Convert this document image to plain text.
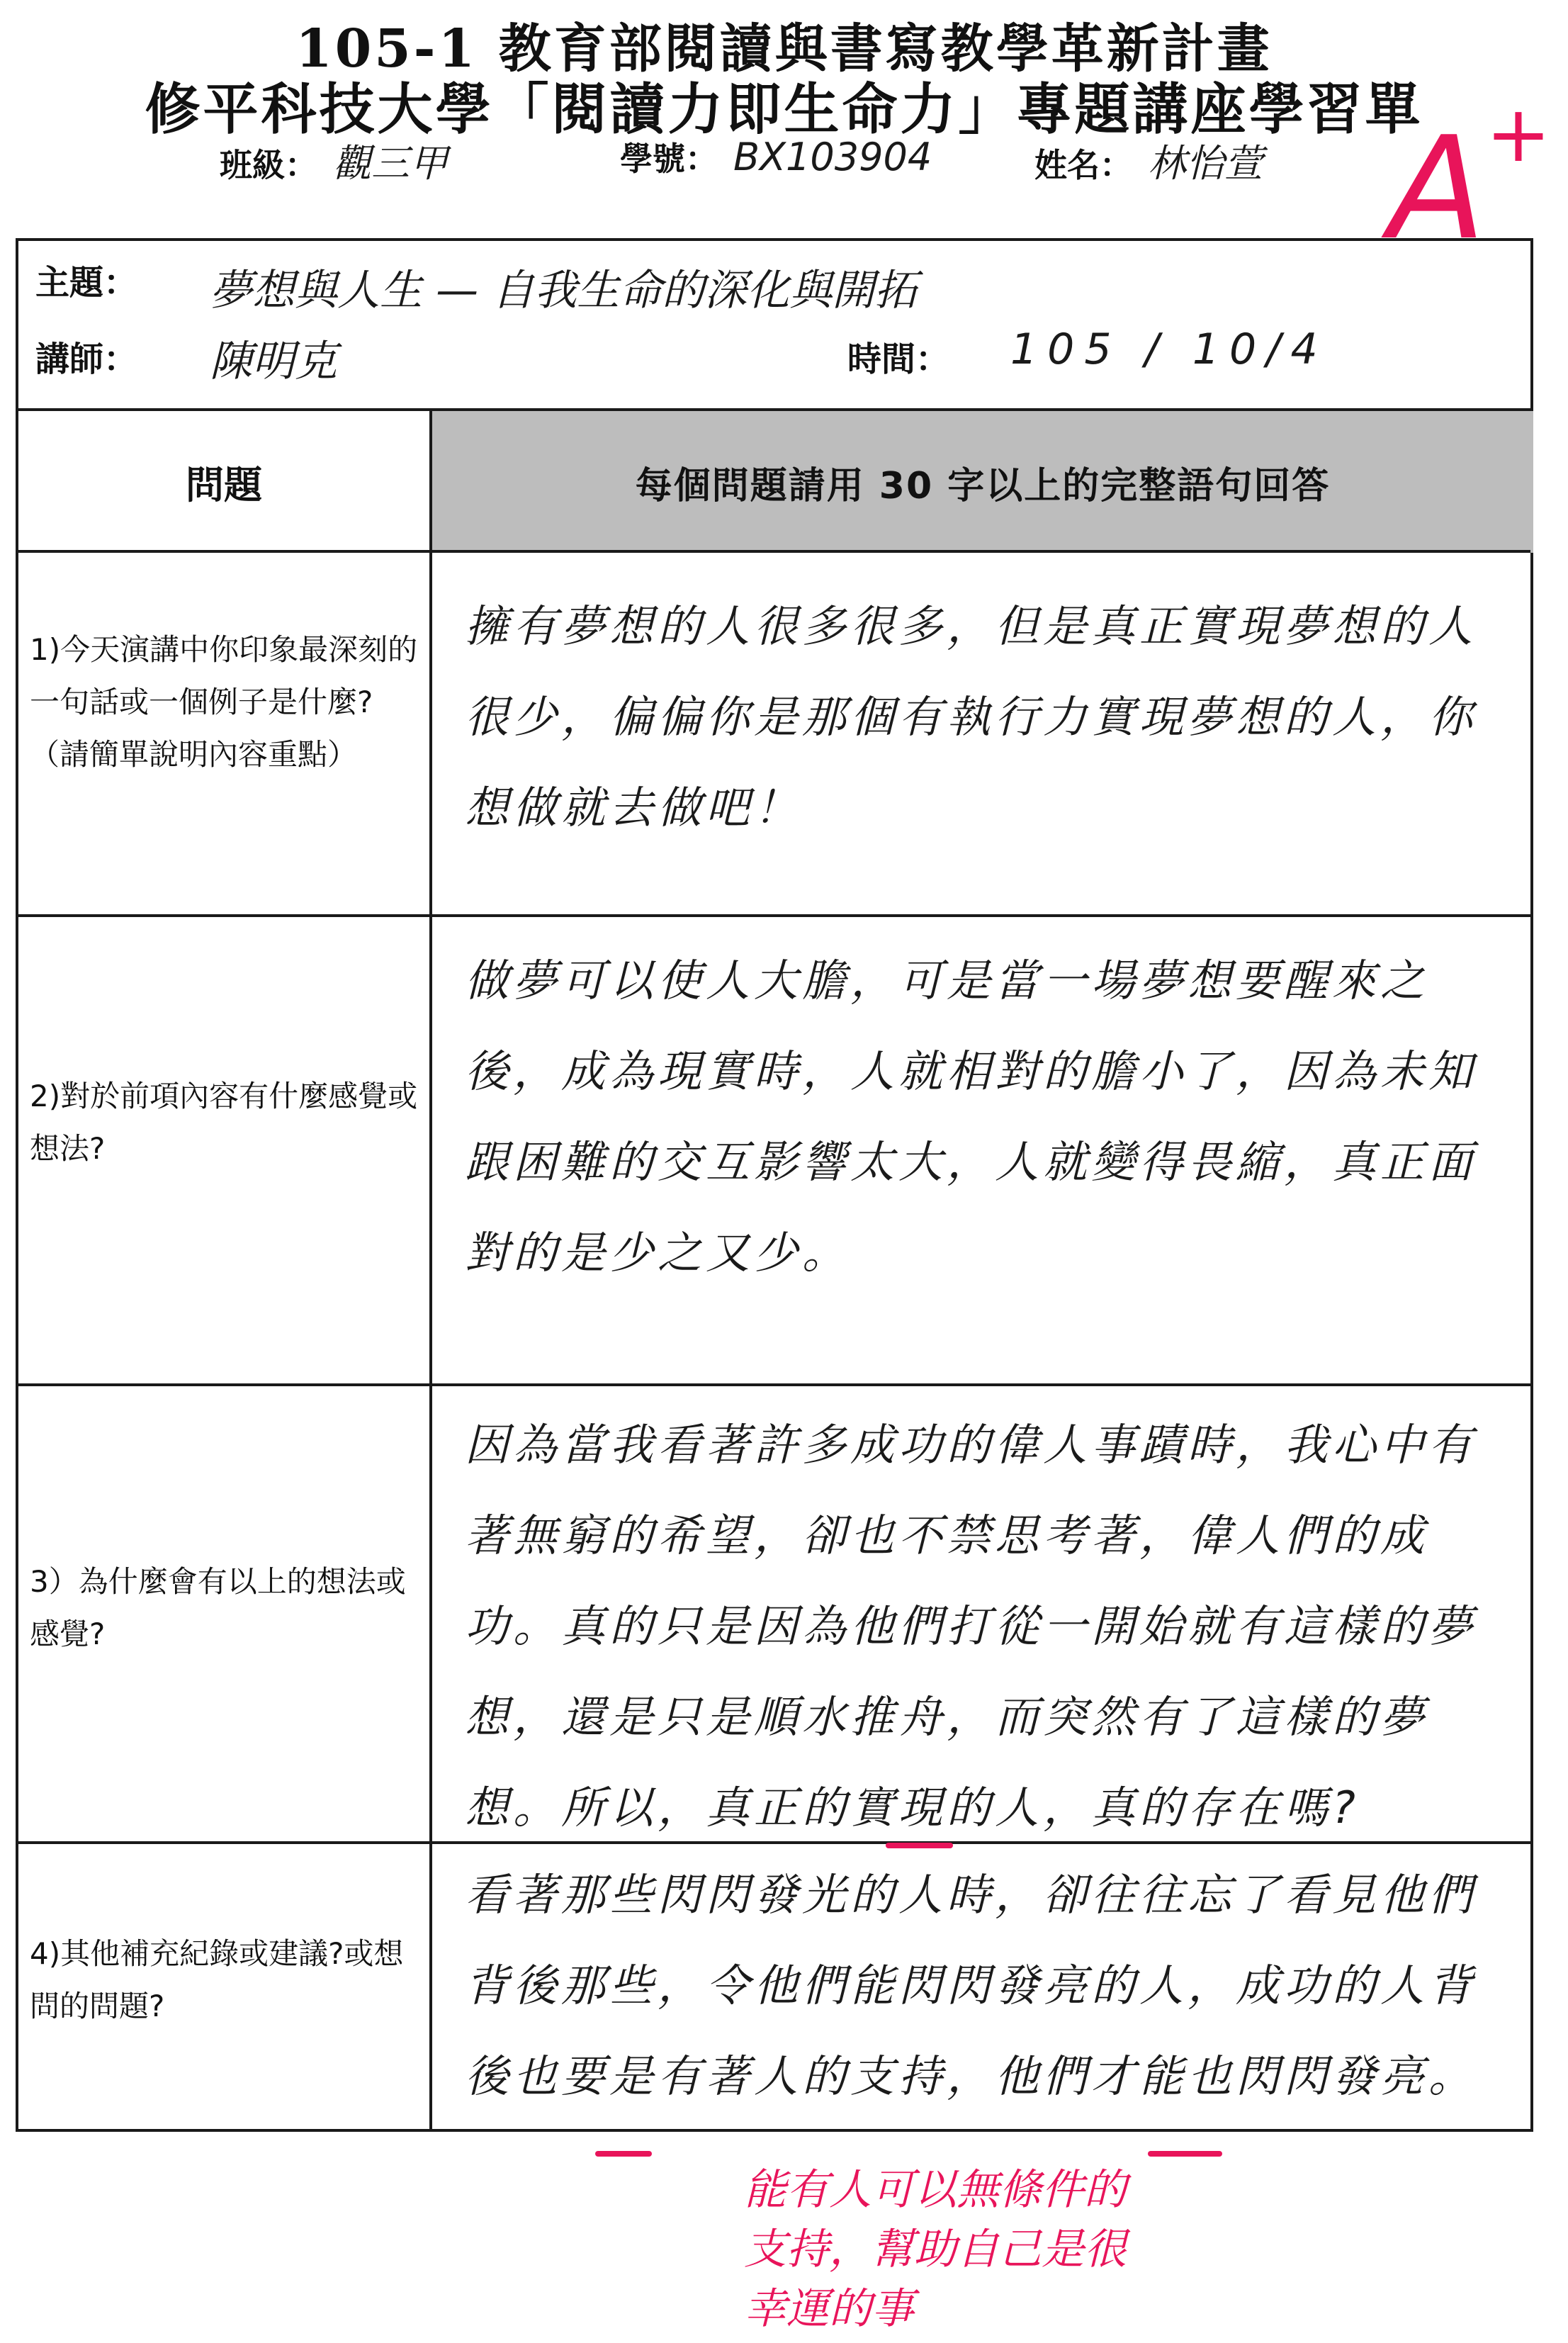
105-1 教育部閱讀與書寫教學革新計畫
修平科技大學「閱讀力即生命力」專題講座學習單
班級： 觀三甲	學號： BX103904	姓名： 林怡萱 A+
主題： 夢想與人生 — 自我生命的深化與開拓
講師： 陳明克	時間： 105 / 10/4
問題	每個問題請用 30 字以上的完整語句回答
1)今天演講中你印象最深刻的一句話或一個例子是什麼?（請簡單說明內容重點）
擁有夢想的人很多很多，但是真正實現夢想的人很少，偏偏你是那個有執行力實現夢想的人，你想做就去做吧！
2)對於前項內容有什麼感覺或想法?
做夢可以使人大膽，可是當一場夢想要醒來之後，成為現實時，人就相對的膽小了，因為未知跟困難的交互影響太大，人就變得畏縮，真正面對的是少之又少。
3）為什麼會有以上的想法或感覺?
因為當我看著許多成功的偉人事蹟時，我心中有著無窮的希望，卻也不禁思考著，偉人們的成功。真的只是因為他們打從一開始就有這樣的夢想，還是只是順水推舟，而突然有了這樣的夢想。所以，真正的實現的人，真的存在嗎?
4)其他補充紀錄或建議?或想問的問題?
看著那些閃閃發光的人時，卻往往忘了看見他們背後那些，令他們能閃閃發亮的人，成功的人背後也要是有著人的支持，他們才能也閃閃發亮。
能有人可以無條件的支持，幫助自己是很幸運的事
